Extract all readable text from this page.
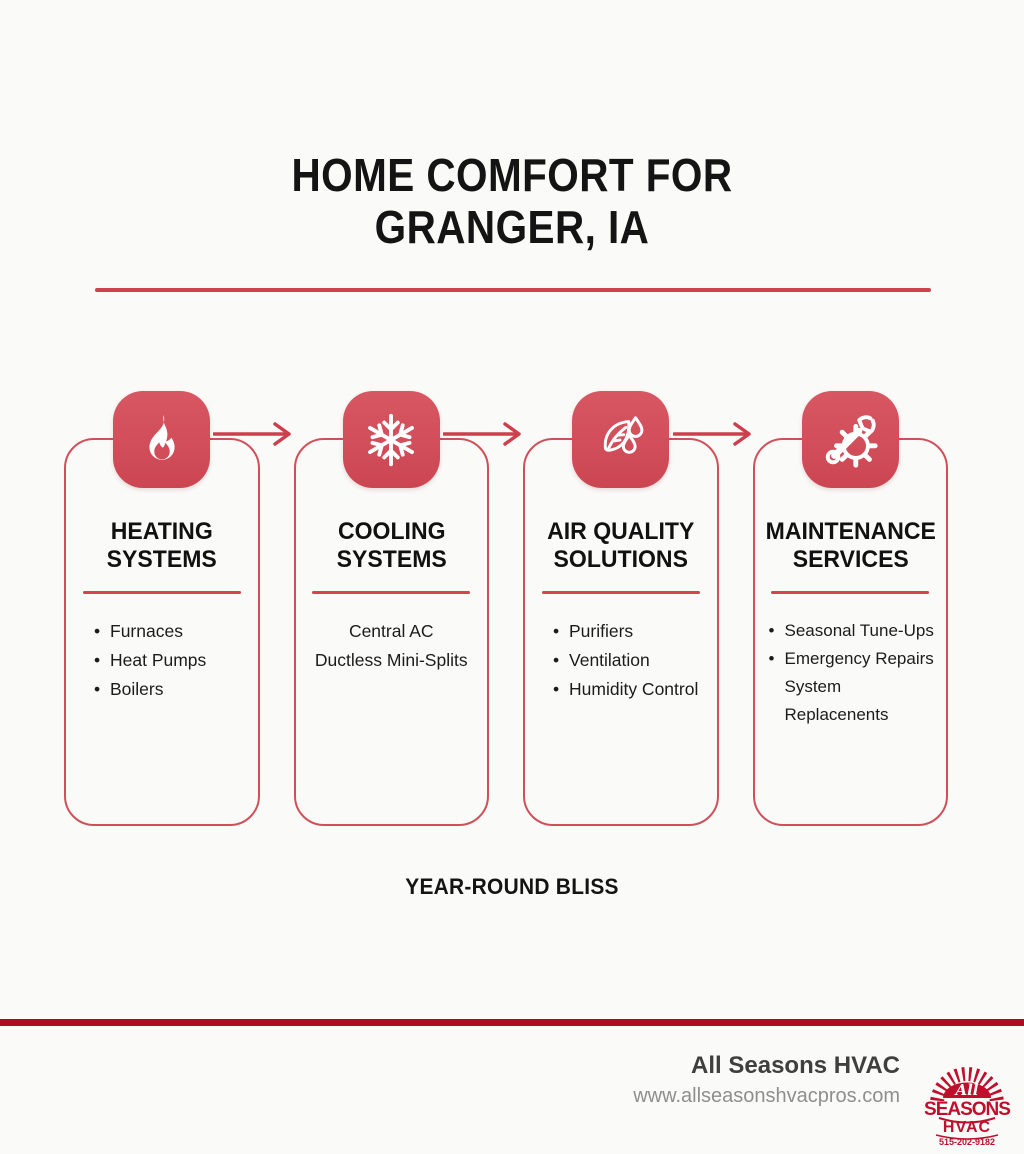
HOME COMFORT FOR
GRANGER, IA
HEATING
SYSTEMS
• Furnaces
• Heat Pumps
• Boilers
COOLING
SYSTEMS
Central AC
Ductless Mini-Splits
AIR QUALITY
SOLUTIONS
• Purifiers
• Ventilation
• Humidity Control
MAINTENANCE
SERVICES
• Seasonal Tune-Ups
• Emergency Repairs
System Replacenents

YEAR-ROUND BLISS

All Seasons HVAC
www.allseasonshvacpros.com	All
SEASONS
HVAC
515-202-9182
